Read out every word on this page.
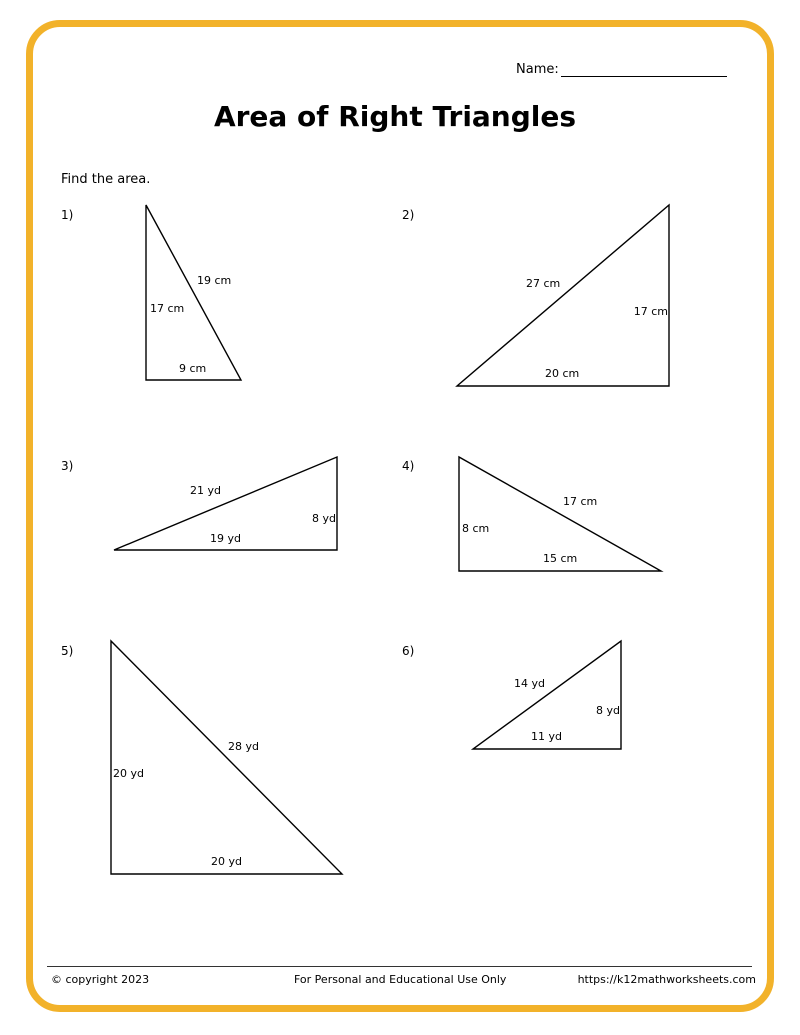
Name:
Area of Right Triangles
Find the area.
1)	2)
3)	4)
5)	6)
17 cm
19 cm
9 cm
27 cm
17 cm
20 cm
21 yd
8 yd
19 yd
17 cm
8 cm
15 cm
28 yd
20 yd
20 yd
14 yd
8 yd
11 yd
© copyright 2023	For Personal and Educational Use Only	https://k12mathworksheets.com
